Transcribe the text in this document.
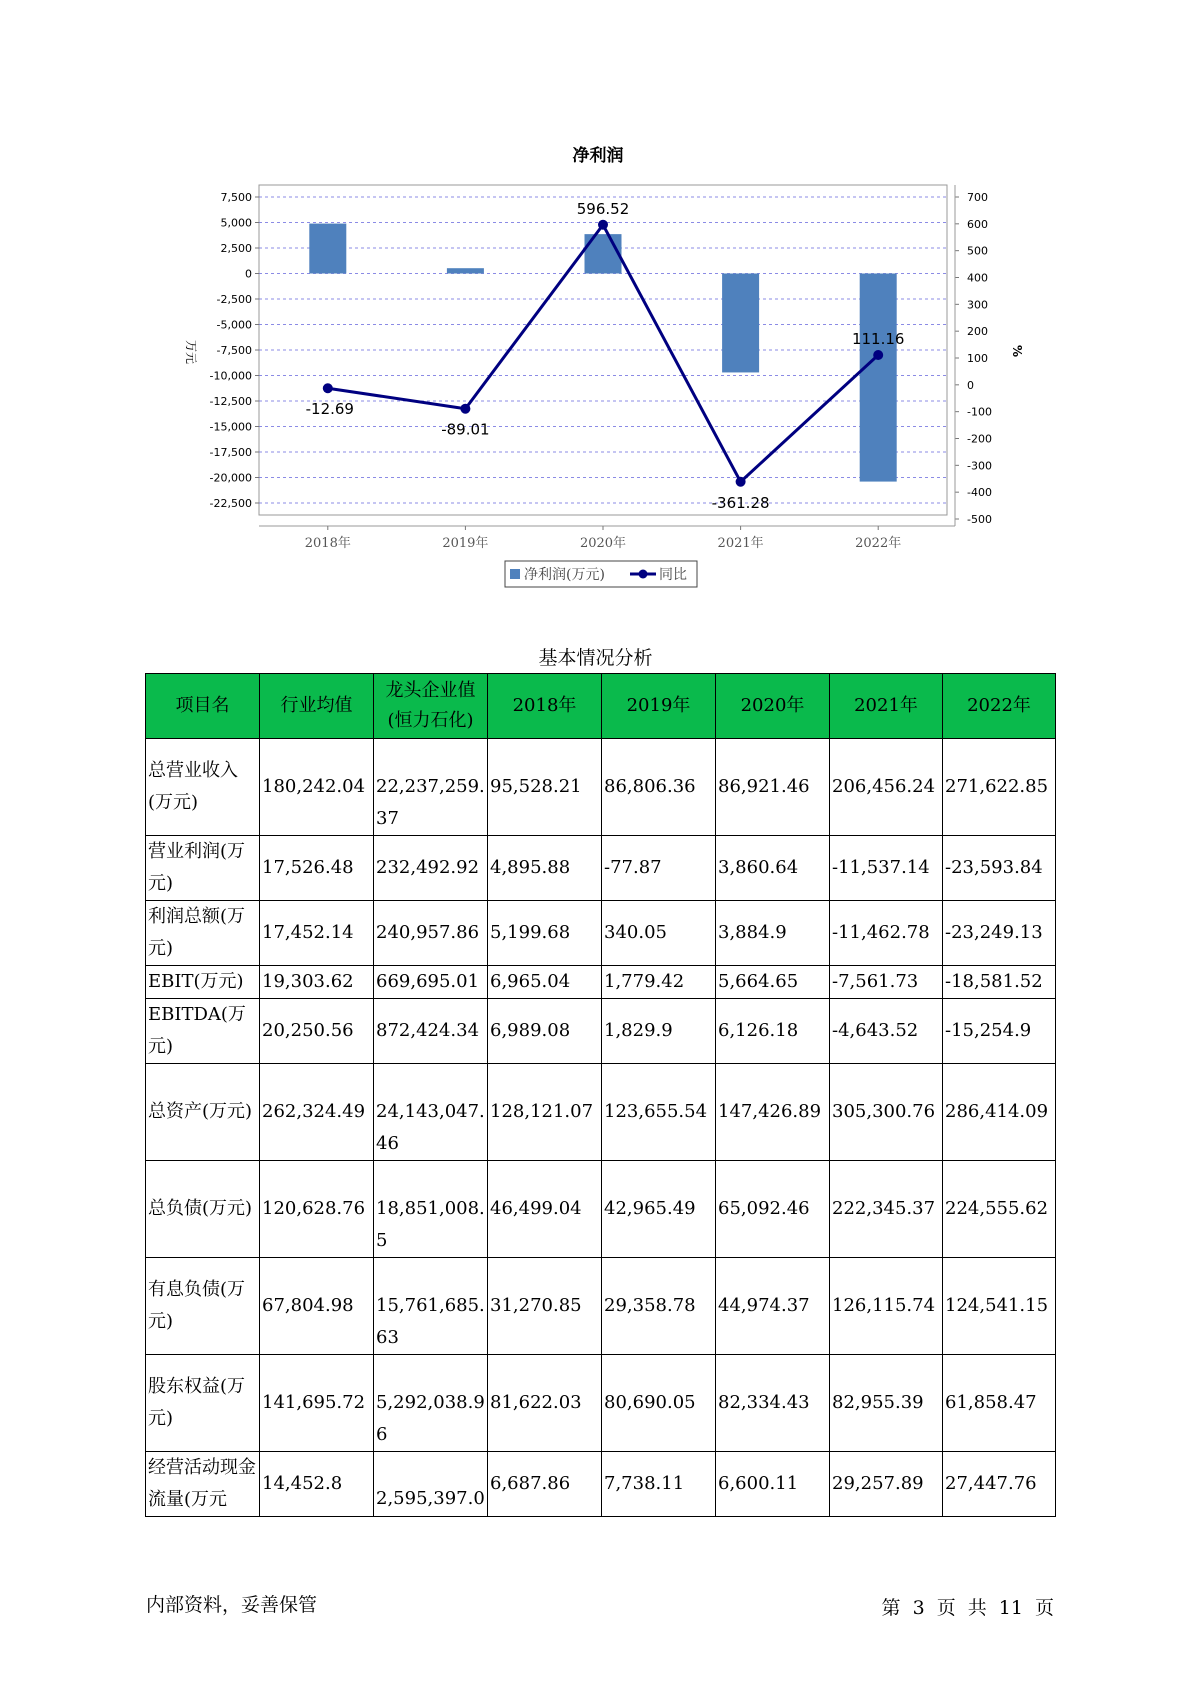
净利润
7,500
5,000
2,500
0
-2,500
-5,000
-7,500
-10,000
-12,500
-15,000
-17,500
-20,000
-22,500
700
600
500
400
300
200
100
0
-100
-200
-300
-400
-500
-12.69
-89.01
596.52
-361.28
111.16
2018年	2019年	2020年	2021年	2022年
万元	%
净利润(万元)	同比
基本情况分析
项目名	行业均值	龙头企业值(恒力石化)	2018年	2019年	2020年	2021年	2022年
总营业收入(万元)	180,242.04	22,237,259.37	95,528.21	86,806.36	86,921.46	206,456.24	271,622.85
营业利润(万元)	17,526.48	232,492.92	4,895.88	-77.87	3,860.64	-11,537.14	-23,593.84
利润总额(万元)	17,452.14	240,957.86	5,199.68	340.05	3,884.9	-11,462.78	-23,249.13
EBIT(万元)	19,303.62	669,695.01	6,965.04	1,779.42	5,664.65	-7,561.73	-18,581.52
EBITDA(万元)	20,250.56	872,424.34	6,989.08	1,829.9	6,126.18	-4,643.52	-15,254.9
总资产(万元)	262,324.49	24,143,047.46	128,121.07	123,655.54	147,426.89	305,300.76	286,414.09
总负债(万元)	120,628.76	18,851,008.5	46,499.04	42,965.49	65,092.46	222,345.37	224,555.62
有息负债(万元)	67,804.98	15,761,685.63	31,270.85	29,358.78	44,974.37	126,115.74	124,541.15
股东权益(万元)	141,695.72	5,292,038.96	81,622.03	80,690.05	82,334.43	82,955.39	61,858.47
经营活动现金流量(万元	14,452.8	2,595,397.0	6,687.86	7,738.11	6,600.11	29,257.89	27,447.76
内部资料，妥善保管	第 3 页 共 11 页
